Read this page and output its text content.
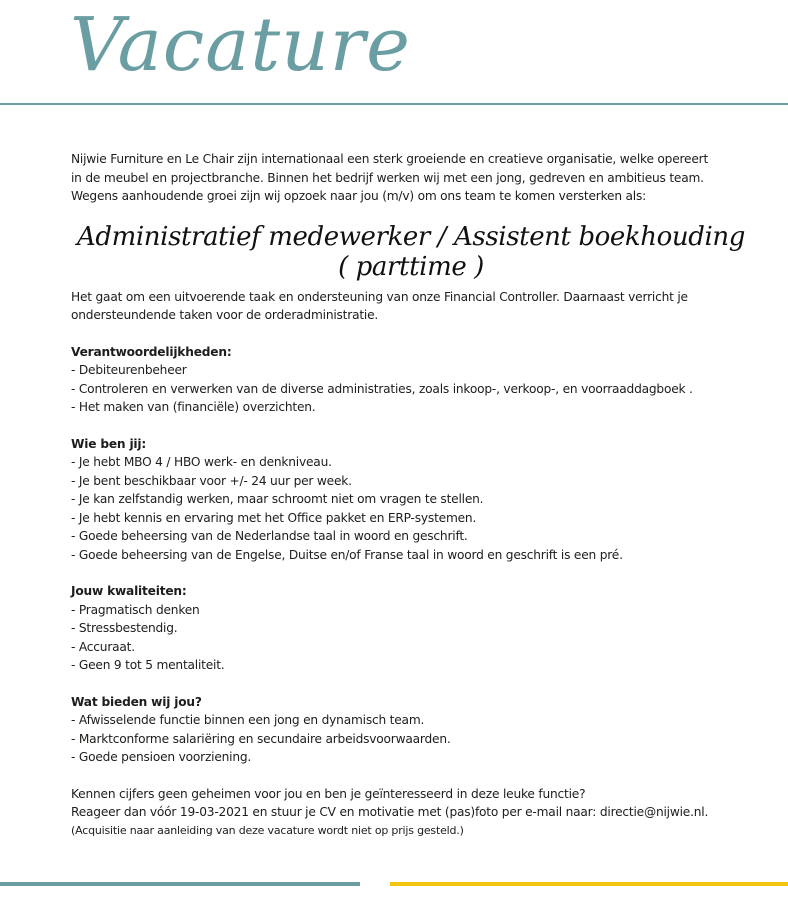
Vacature

Nijwie Furniture en Le Chair zijn internationaal een sterk groeiende en creatieve organisatie, welke opereert

in de meubel en projectbranche. Binnen het bedrijf werken wij met een jong, gedreven en ambitieus team.

Wegens aanhoudende groei zijn wij opzoek naar jou (m/v) om ons team te komen versterken als:

Administratief medewerker / Assistent boekhouding
( parttime )

Het gaat om een uitvoerende taak en ondersteuning van onze Financial Controller. Daarnaast verricht je

ondersteundende taken voor de orderadministratie.

Verantwoordelijkheden:

- Debiteurenbeheer
- Controleren en verwerken van de diverse administraties, zoals inkoop-, verkoop-, en voorraaddagboek .
- Het maken van (financiële) overzichten.

Wie ben jij:

- Je hebt MBO 4 / HBO werk- en denkniveau.
- Je bent beschikbaar voor +/- 24 uur per week.
- Je kan zelfstandig werken, maar schroomt niet om vragen te stellen.
- Je hebt kennis en ervaring met het Office pakket en ERP-systemen.
- Goede beheersing van de Nederlandse taal in woord en geschrift.
- Goede beheersing van de Engelse, Duitse en/of Franse taal in woord en geschrift is een pré.

Jouw kwaliteiten:

- Pragmatisch denken
- Stressbestendig.
- Accuraat.
- Geen 9 tot 5 mentaliteit.

Wat bieden wij jou?

- Afwisselende functie binnen een jong en dynamisch team.
- Marktconforme salariëring en secundaire arbeidsvoorwaarden.
- Goede pensioen voorziening.

Kennen cijfers geen geheimen voor jou en ben je geïnteresseerd in deze leuke functie?

Reageer dan vóór 19-03-2021 en stuur je CV en motivatie met (pas)foto per e-mail naar: directie@nijwie.nl.

(Acquisitie naar aanleiding van deze vacature wordt niet op prijs gesteld.)
